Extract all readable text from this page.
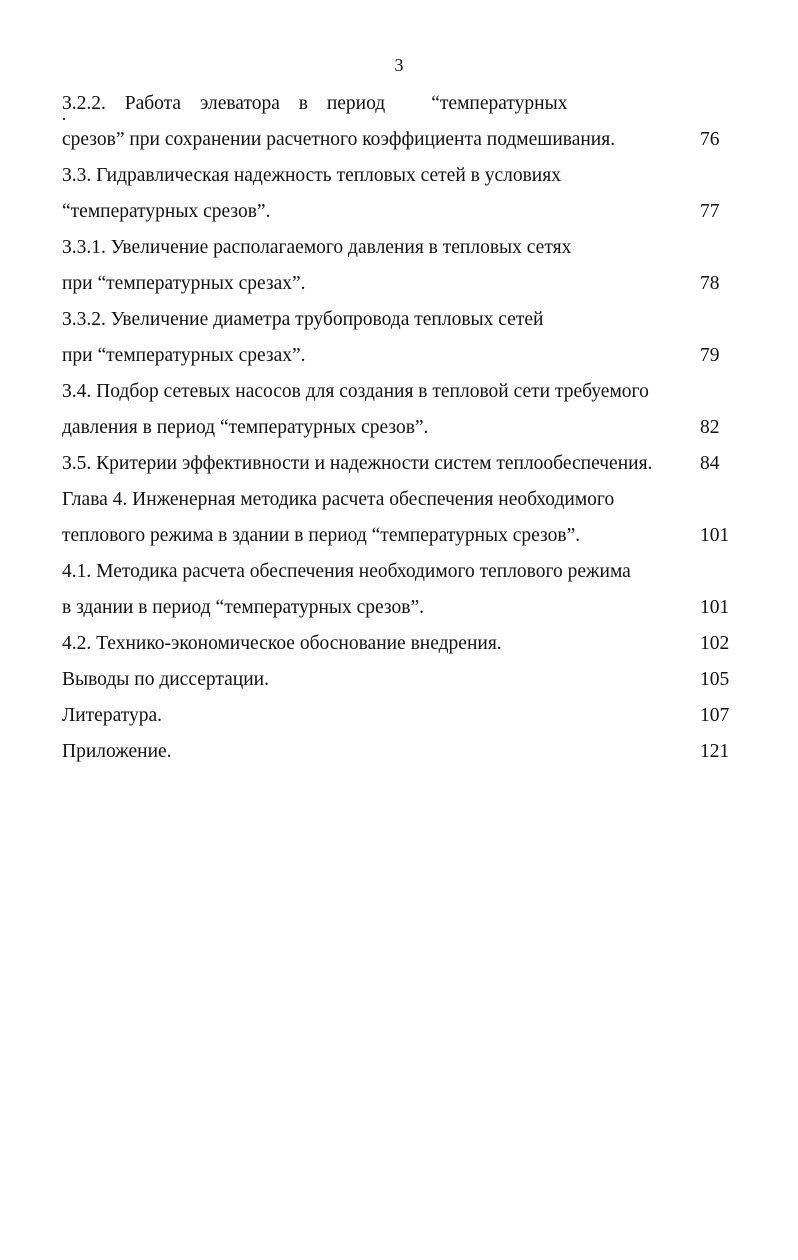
3
3.2.2. Работа элеватора в период “температурных
срезов” при сохранении расчетного коэффициента подмешивания.	76
3.3. Гидравлическая надежность тепловых сетей в условиях
“температурных срезов”.	77
3.3.1. Увеличение располагаемого давления в тепловых сетях
при “температурных срезах”.	78
3.3.2. Увеличение диаметра трубопровода тепловых сетей
при “температурных срезах”.	79
3.4. Подбор сетевых насосов для создания в тепловой сети требуемого
давления в период “температурных срезов”.	82
3.5. Критерии эффективности и надежности систем теплообеспечения. 84
Глава 4. Инженерная методика расчета обеспечения необходимого
теплового режима в здании в период “температурных срезов”.	101
4.1. Методика расчета обеспечения необходимого теплового режима
в здании в период “температурных срезов”.	101
4.2. Технико-экономическое обоснование внедрения.	102
Выводы по диссертации.	105
Литература.	107
Приложение.	121
